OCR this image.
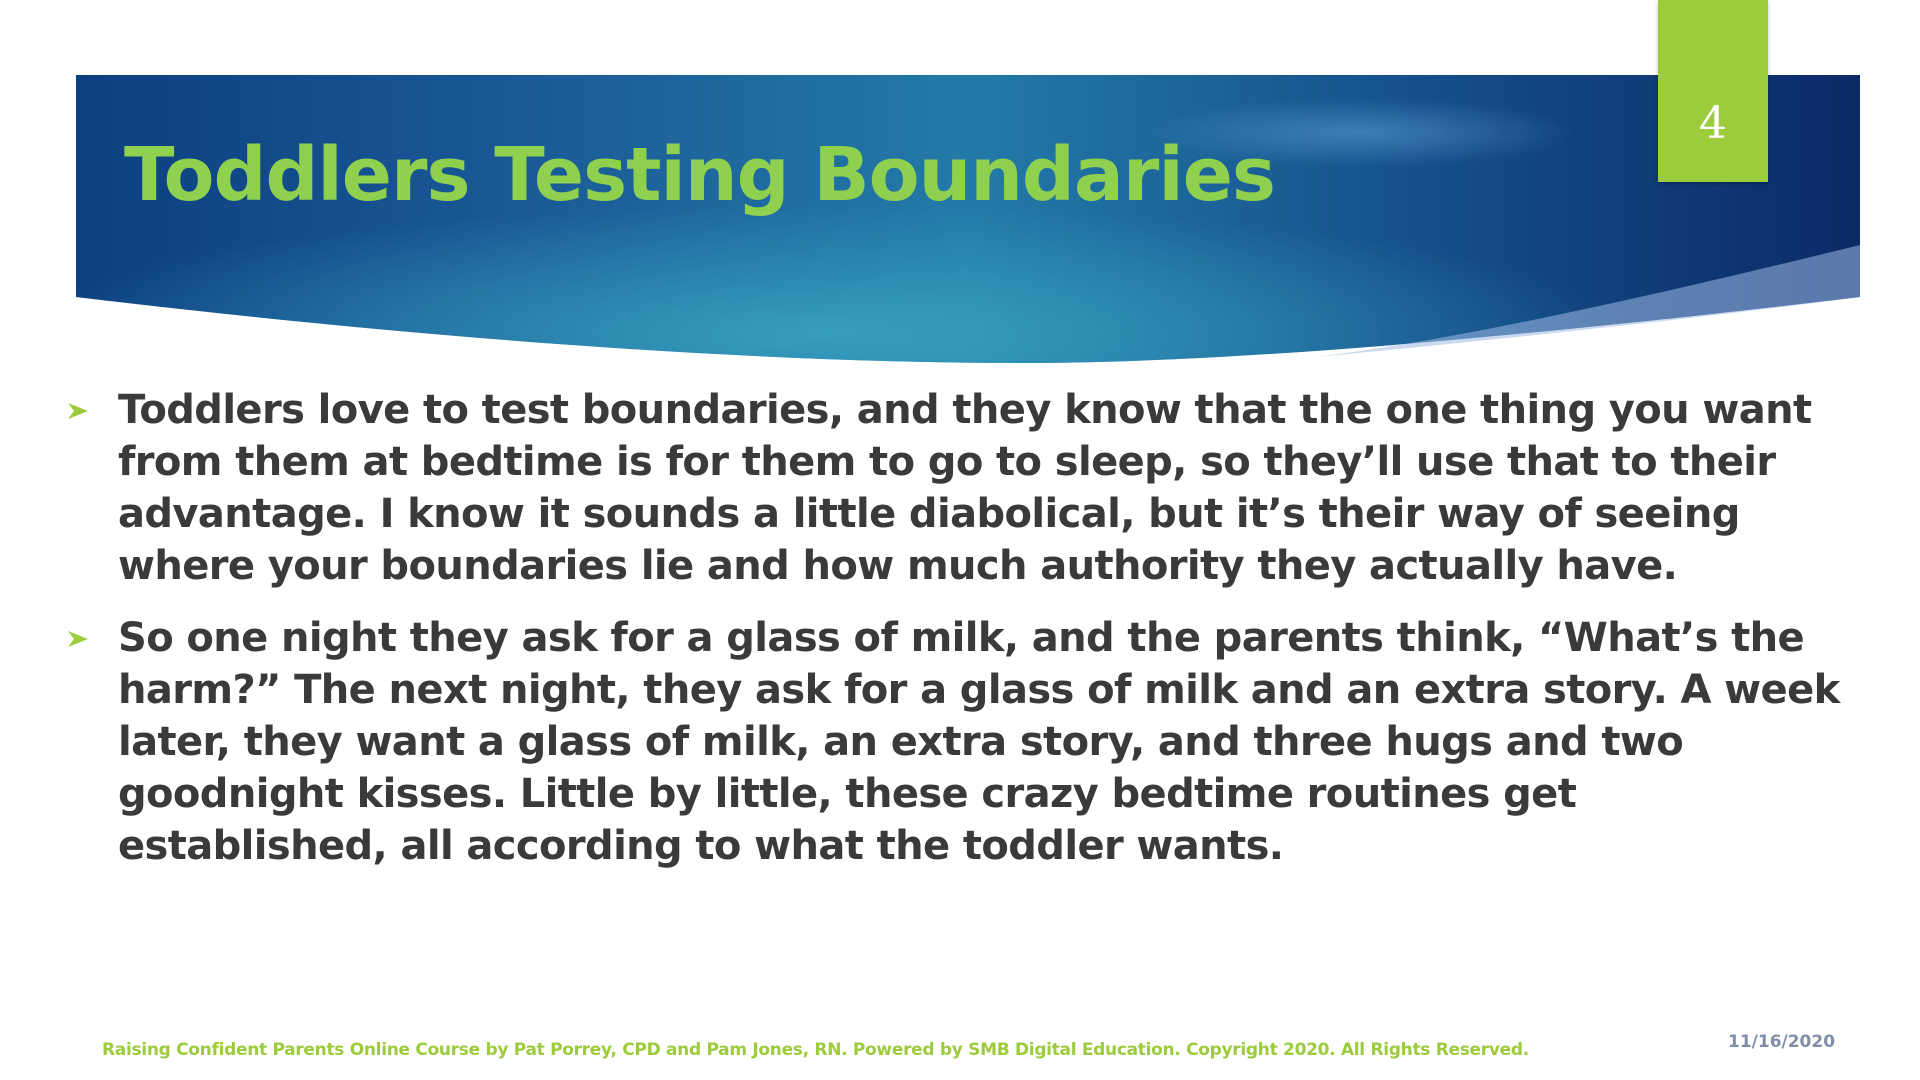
Toddlers Testing Boundaries
4
Toddlers love to test boundaries, and they know that the one thing you want from them at bedtime is for them to go to sleep, so they’ll use that to their advantage. I know it sounds a little diabolical, but it’s their way of seeing where your boundaries lie and how much authority they actually have.
So one night they ask for a glass of milk, and the parents think, “What’s the harm?” The next night, they ask for a glass of milk and an extra story. A week later, they want a glass of milk, an extra story, and three hugs and two goodnight kisses. Little by little, these crazy bedtime routines get established, all according to what the toddler wants.
Raising Confident Parents Online Course by Pat Porrey, CPD and Pam Jones, RN. Powered by SMB Digital Education. Copyright 2020. All Rights Reserved.	11/16/2020
